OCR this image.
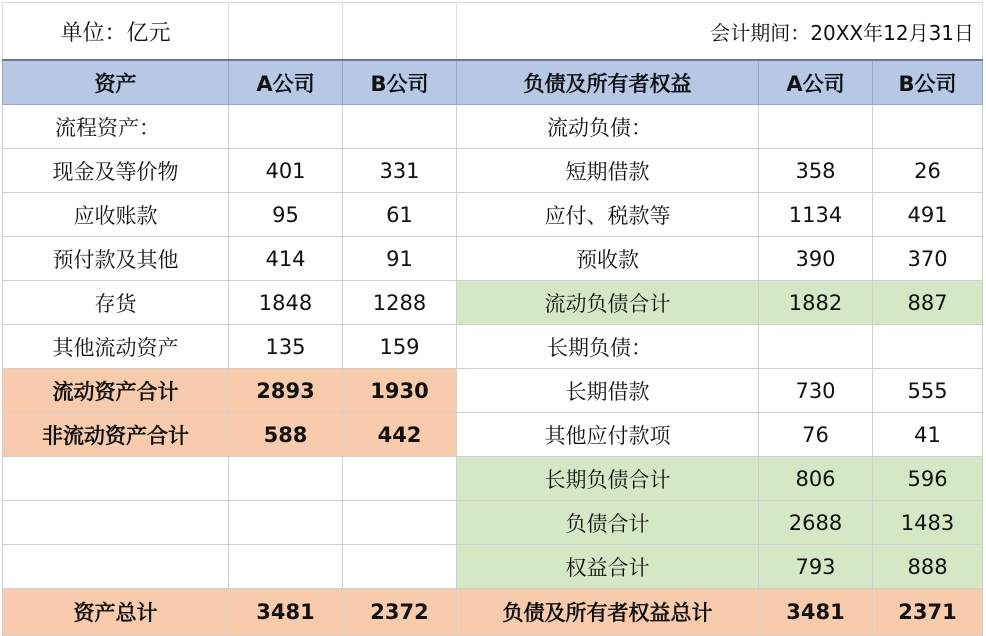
单位：亿元			会计期间：20XX年12月31日		
资产	A公司	B公司	负债及所有者权益	A公司	B公司
流程资产：			流动负债：		
现金及等价物	401	331	短期借款	358	26
应收账款	95	61	应付、税款等	1134	491
预付款及其他	414	91	预收款	390	370
存货	1848	1288	流动负债合计	1882	887
其他流动资产	135	159	长期负债：		
流动资产合计	2893	1930	长期借款	730	555
非流动资产合计	588	442	其他应付款项	76	41
			长期负债合计	806	596
			负债合计	2688	1483
			权益合计	793	888
资产总计	3481	2372	负债及所有者权益总计	3481	2371
